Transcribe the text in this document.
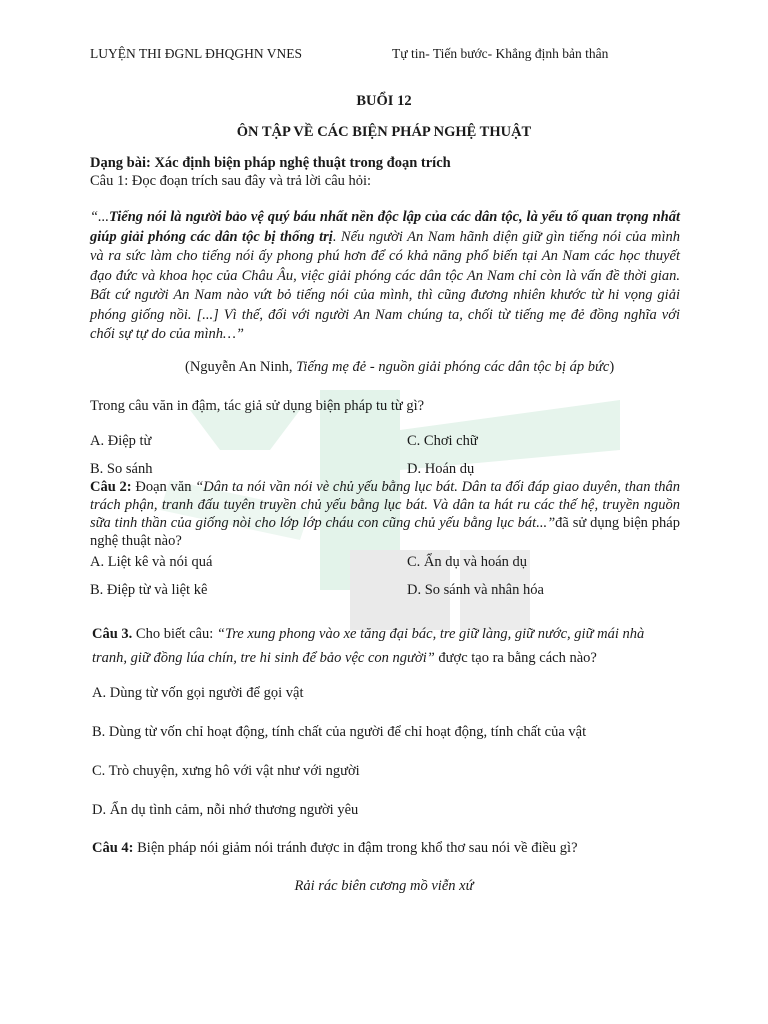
LUYỆN THI ĐGNL ĐHQGHN VNES	Tự tin- Tiến bước- Khẳng định bản thân
BUỔI 12
ÔN TẬP VỀ CÁC BIỆN PHÁP NGHỆ THUẬT
Dạng bài: Xác định biện pháp nghệ thuật trong đoạn trích
Câu 1: Đọc đoạn trích sau đây và trả lời câu hỏi:
“...Tiếng nói là người bảo vệ quý báu nhất nền độc lập của các dân tộc, là yếu tố quan trọng nhất giúp giải phóng các dân tộc bị thống trị. Nếu người An Nam hãnh diện giữ gìn tiếng nói của mình và ra sức làm cho tiếng nói ấy phong phú hơn để có khả năng phổ biến tại An Nam các học thuyết đạo đức và khoa học của Châu Âu, việc giải phóng các dân tộc An Nam chỉ còn là vấn đề thời gian. Bất cứ người An Nam nào vứt bỏ tiếng nói của mình, thì cũng đương nhiên khước từ hi vọng giải phóng giống nồi. [...] Vì thế, đối với người An Nam chúng ta, chối từ tiếng mẹ đẻ đồng nghĩa với chối sự tự do của mình…”
(Nguyễn An Ninh, Tiếng mẹ đẻ - nguồn giải phóng các dân tộc bị áp bức)
Trong câu văn in đậm, tác giả sử dụng biện pháp tu từ gì?
A. Điệp từ	C. Chơi chữ
B. So sánh	D. Hoán dụ
Câu 2: Đoạn văn “Dân ta nói vần nói vè chủ yếu bằng lục bát. Dân ta đối đáp giao duyên, than thân trách phận, tranh đấu tuyên truyền chủ yếu bằng lục bát. Và dân ta hát ru các thế hệ, truyền nguồn sữa tinh thần của giống nòi cho lớp lớp cháu con cũng chủ yếu bằng lục bát...”đã sử dụng biện pháp nghệ thuật nào?
A. Liệt kê và nói quá	C. Ẩn dụ và hoán dụ
B. Điệp từ và liệt kê	D. So sánh và nhân hóa
Câu 3. Cho biết câu: “Tre xung phong vào xe tăng đại bác, tre giữ làng, giữ nước, giữ mái nhà tranh, giữ đồng lúa chín, tre hi sinh để bảo vệc con người” được tạo ra bằng cách nào?
A. Dùng từ vốn gọi người để gọi vật
B. Dùng từ vốn chỉ hoạt động, tính chất của người để chỉ hoạt động, tính chất của vật
C. Trò chuyện, xưng hô với vật như với người
D. Ẩn dụ tình cảm, nỗi nhớ thương người yêu
Câu 4: Biện pháp nói giảm nói tránh được in đậm trong khổ thơ sau nói về điều gì?
Rải rác biên cương mồ viễn xứ
